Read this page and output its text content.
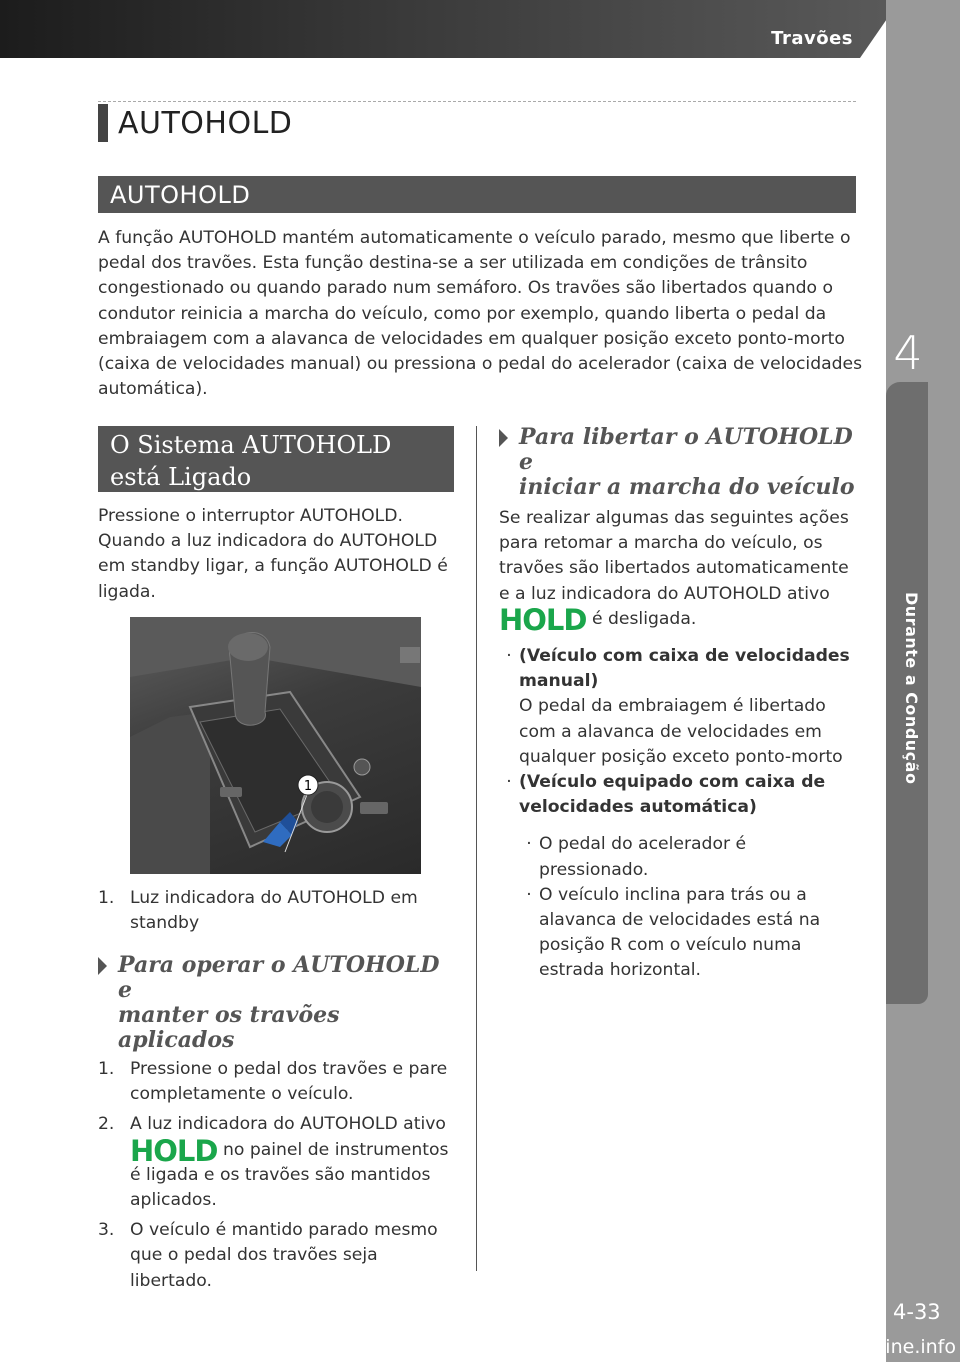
Travões
4
Durante a Condução
4-33
carmanualsonline.info
AUTOHOLD
AUTOHOLD
A função AUTOHOLD mantém automaticamente o veículo parado, mesmo que liberte o pedal dos travões. Esta função destina-se a ser utilizada em condições de trânsito congestionado ou quando parado num semáforo. Os travões são libertados quando o condutor reinicia a marcha do veículo, como por exemplo, quando liberta o pedal da embraiagem com a alavanca de velocidades em qualquer posição exceto ponto-morto (caixa de velocidades manual) ou pressiona o pedal do acelerador (caixa de velocidades automática).
O Sistema AUTOHOLD
está Ligado
Pressione o interruptor AUTOHOLD. Quando a luz indicadora do AUTOHOLD em standby ligar, a função AUTOHOLD é ligada.
1
1. Luz indicadora do AUTOHOLD em standby
Para operar o AUTOHOLD e
manter os travões aplicados
1. Pressione o pedal dos travões e pare completamente o veículo.
2. A luz indicadora do AUTOHOLD ativo HOLD no painel de instrumentos é ligada e os travões são mantidos aplicados.
3. O veículo é mantido parado mesmo que o pedal dos travões seja libertado.
Para libertar o AUTOHOLD e
iniciar a marcha do veículo
Se realizar algumas das seguintes ações para retomar a marcha do veículo, os travões são libertados automaticamente e a luz indicadora do AUTOHOLD ativo HOLD é desligada.
· (Veículo com caixa de velocidades manual)
O pedal da embraiagem é libertado com a alavanca de velocidades em qualquer posição exceto ponto-morto
· (Veículo equipado com caixa de velocidades automática)
· O pedal do acelerador é pressionado.
· O veículo inclina para trás ou a alavanca de velocidades está na posição R com o veículo numa estrada horizontal.
